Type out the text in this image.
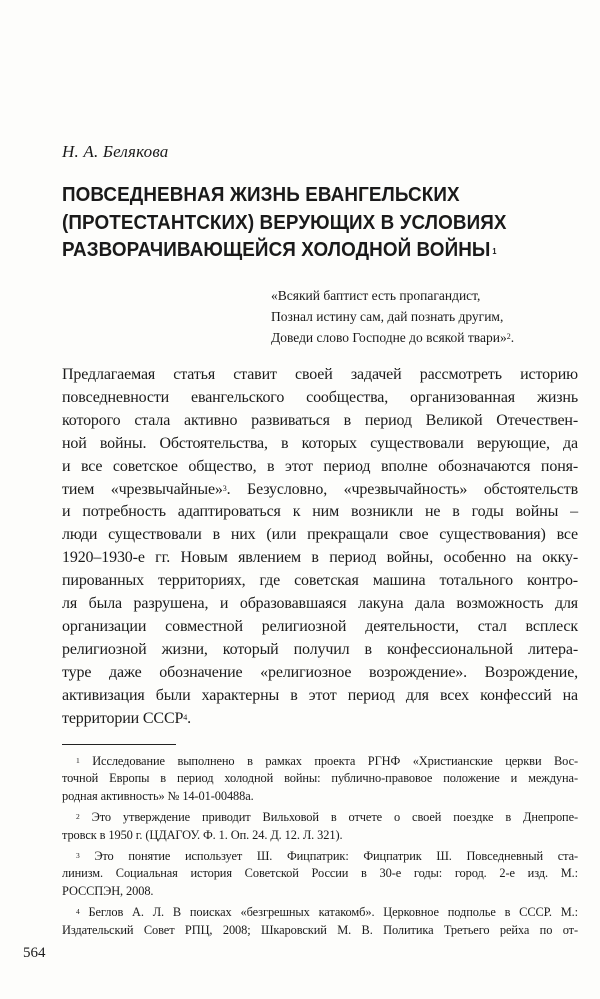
Н. А. Белякова
ПОВСЕДНЕВНАЯ ЖИЗНЬ ЕВАНГЕЛЬСКИХ
(ПРОТЕСТАНТСКИХ) ВЕРУЮЩИХ В УСЛОВИЯХ
РАЗВОРАЧИВАЮЩЕЙСЯ ХОЛОДНОЙ ВОЙНЫ $^1$
«Всякий баптист есть пропагандист,
Познал истину сам, дай познать другим,
Доведи слово Господне до всякой твари»$^2$.
Предлагаемая статья ставит своей задачей рассмотреть историю
повседневности евангельского сообщества, организованная жизнь
которого стала активно развиваться в период Великой Отечествен-
ной войны. Обстоятельства, в которых существовали верующие, да
и все советское общество, в этот период вполне обозначаются поня-
тием «чрезвычайные»$^3$. Безусловно, «чрезвычайность» обстоятельств
и потребность адаптироваться к ним возникли не в годы войны –
люди существовали в них (или прекращали свое существования) все
1920–1930-е гг. Новым явлением в период войны, особенно на окку-
пированных территориях, где советская машина тотального контро-
ля была разрушена, и образовавшаяся лакуна дала возможность для
организации совместной религиозной деятельности, стал всплеск
религиозной жизни, который получил в конфессиональной литера-
туре даже обозначение «религиозное возрождение». Возрождение,
активизация были характерны в этот период для всех конфессий на
территории СССР$^4$.
$^1$ Исследование выполнено в рамках проекта РГНФ «Христианские церкви Вос-
точной Европы в период холодной войны: публично-правовое положение и междуна-
родная активность» № 14-01-00488а.
$^2$ Это утверждение приводит Вильховой в отчете о своей поездке в Днепропе-
тровск в 1950 г. (ЦДАГОУ. Ф. 1. Оп. 24. Д. 12. Л. 321).
$^3$ Это понятие использует Ш. Фицпатрик: Фицпатрик Ш. Повседневный ста-
линизм. Социальная история Советской России в 30-е годы: город. 2-е изд. М.:
РОССПЭН, 2008.
$^4$ Беглов А. Л. В поисках «безгрешных катакомб». Церковное подполье в СССР. М.:
Издательский Совет РПЦ, 2008; Шкаровский М. В. Политика Третьего рейха по от-
564
